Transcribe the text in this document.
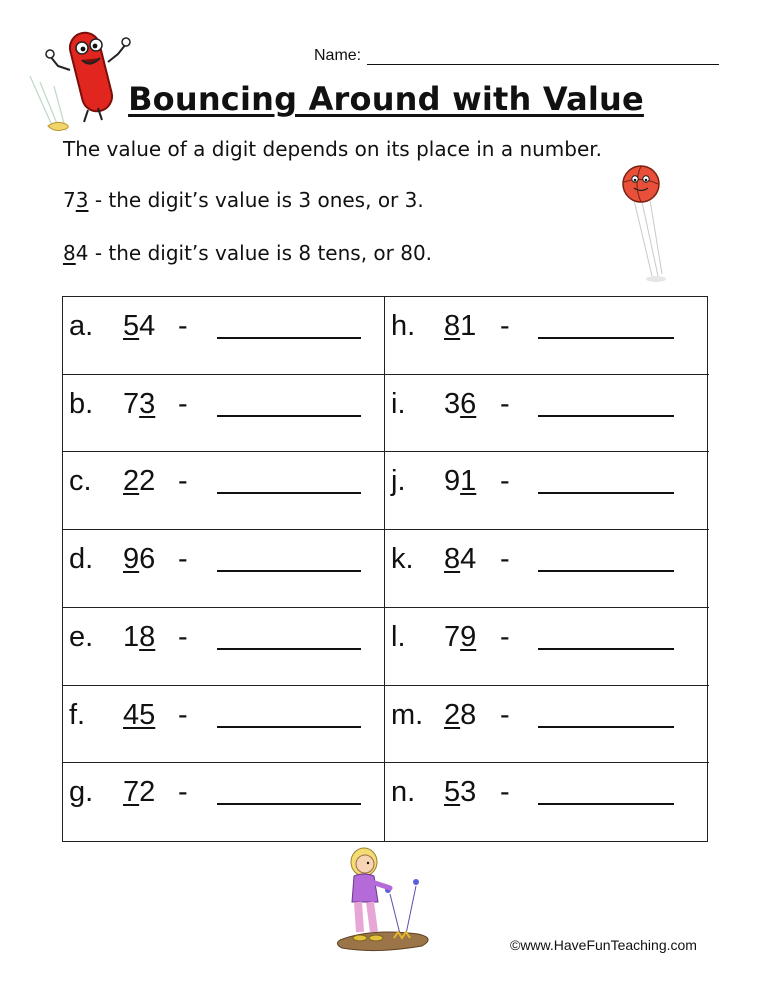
Name:
Bouncing Around with Value
The value of a digit depends on its place in a number.
73 - the digit’s value is 3 ones, or 3.
84 - the digit’s value is 8 tens, or 80.
a. 54 -	h. 81 -
b. 73 -	i. 36 -
c. 22 -	j. 91 -
d. 96 -	k. 84 -
e. 18 -	l. 79 -
f. 45 -	m. 28 -
g. 72 -	n. 53 -
©www.HaveFunTeaching.com
